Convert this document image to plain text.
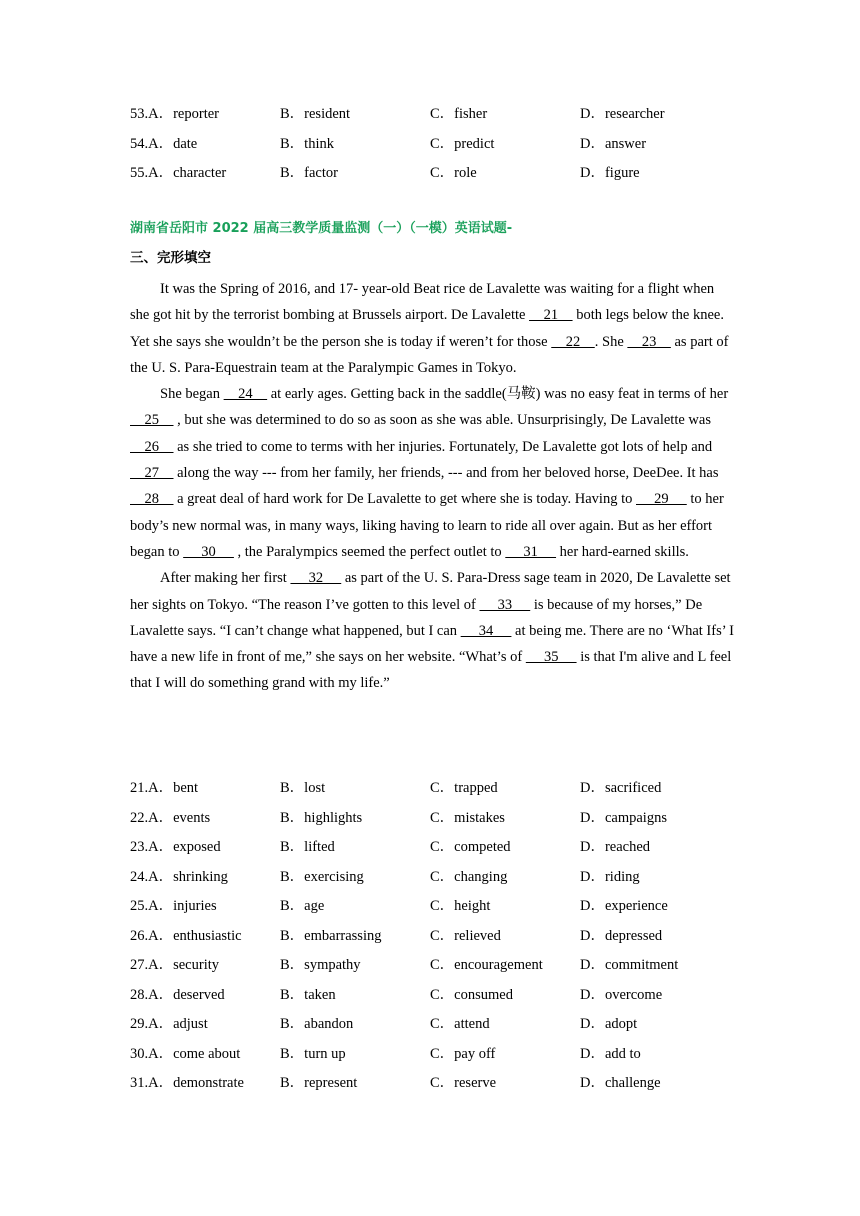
53.A．reporter	B．resident	C．fisher	D．researcher
54.A．date	B．think	C．predict	D．answer
55.A．character	B．factor	C．role	D．figure
湖南省岳阳市 2022 届高三教学质量监测（一）（一模）英语试题-
三、完形填空

It was the Spring of 2016, and 17- year-old Beat rice de Lavalette was waiting for a flight when she got hit by the terrorist bombing at Brussels airport. De Lavalette     21     both legs below the knee. Yet she says she wouldn’t be the person she is today if weren’t for those     22    . She     23     as part of the U. S. Para-Equestrain team at the Paralympic Games in Tokyo.

She began     24     at early ages. Getting back in the saddle(马鞍) was no easy feat in terms of her     25     , but she was determined to do so as soon as she was able. Unsurprisingly, De Lavalette was     26     as she tried to come to terms with her injuries. Fortunately, De Lavalette got lots of help and     27     along the way --- from her family, her friends, --- and from her beloved horse, DeeDee. It has     28     a great deal of hard work for De Lavalette to get where she is today. Having to      29      to her body’s new normal was, in many ways, liking having to learn to ride all over again. But as her effort began to      30      , the Paralympics seemed the perfect outlet to      31      her hard-earned skills.

After making her first      32      as part of the U. S. Para-Dress sage team in 2020, De Lavalette set her sights on Tokyo. “The reason I’ve gotten to this level of      33      is because of my horses,” De Lavalette says. “I can’t change what happened, but I can      34      at being me. There are no ‘What Ifs’ I have a new life in front of me,” she says on her website. “What’s of      35      is that I'm alive and L feel that I will do something grand with my life.”

21.A．bent	B．lost	C．trapped	D．sacrificed
22.A．events	B．highlights	C．mistakes	D．campaigns
23.A．exposed	B．lifted	C．competed	D．reached
24.A．shrinking	B．exercising	C．changing	D．riding
25.A．injuries	B．age	C．height	D．experience
26.A．enthusiastic	B．embarrassing	C．relieved	D．depressed
27.A．security	B．sympathy	C．encouragement	D．commitment
28.A．deserved	B．taken	C．consumed	D．overcome
29.A．adjust	B．abandon	C．attend	D．adopt
30.A．come about	B．turn up	C．pay off	D．add to
31.A．demonstrate B．represent	C．reserve	D．challenge
